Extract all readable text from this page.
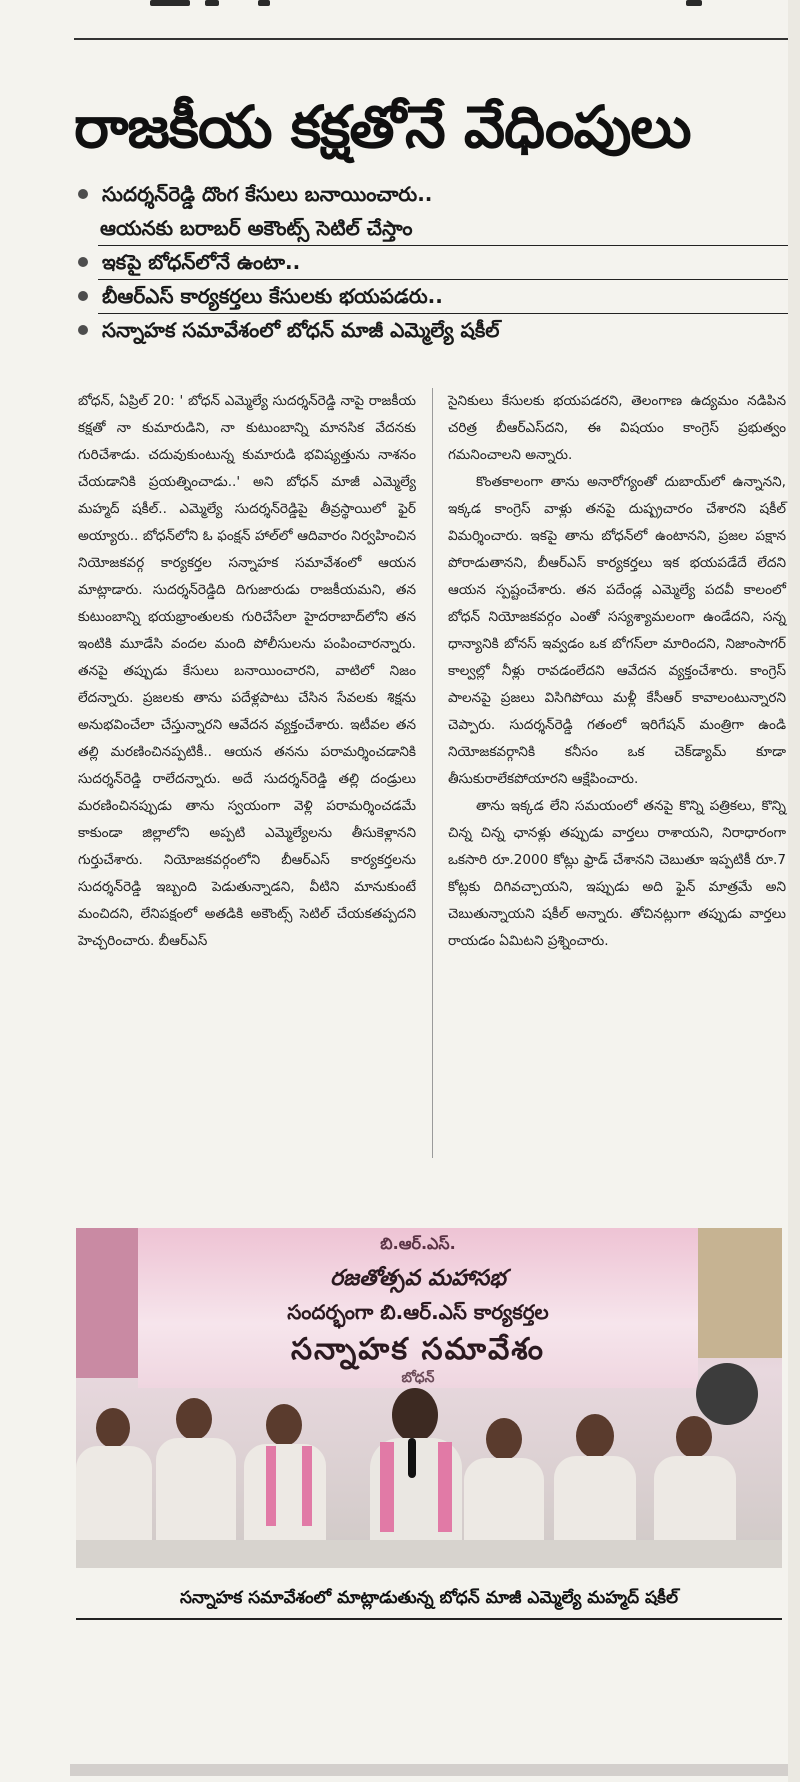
రాజకీయ కక్షతోనే వేధింపులు
సుదర్శన్‌రెడ్డి దొంగ కేసులు బనాయించారు..
ఆయనకు బరాబర్ అకౌంట్స్ సెటిల్ చేస్తాం
ఇకపై బోధన్‌లోనే ఉంటా..
బీఆర్ఎస్ కార్యకర్తలు కేసులకు భయపడరు..
సన్నాహక సమావేశంలో బోధన్ మాజీ ఎమ్మెల్యే షకీల్

బోధన్, ఏప్రిల్ 20: ' బోధన్ ఎమ్మెల్యే సుదర్శన్‌రెడ్డి నాపై రాజకీయ కక్షతో నా కుమారుడిని, నా కుటుంబాన్ని మానసిక వేదనకు గురిచేశాడు. చదువుకుంటున్న కుమారుడి భవిష్యత్తును నాశనం చేయడానికి ప్రయత్నించాడు..' అని బోధన్ మాజీ ఎమ్మెల్యే మహ్మద్ షకీల్.. ఎమ్మెల్యే సుదర్శన్‌రెడ్డిపై తీవ్రస్థాయిలో ఫైర్ అయ్యారు.. బోధన్‌లోని ఓ ఫంక్షన్ హాల్‌లో ఆదివారం నిర్వహించిన నియోజకవర్గ కార్యకర్తల సన్నాహక సమావేశంలో ఆయన మాట్లాడారు. సుదర్శన్‌రెడ్డిది దిగుజారుడు రాజకీయమని, తన కుటుంబాన్ని భయభ్రాంతులకు గురిచేసేలా హైదరాబాద్‌లోని తన ఇంటికి మూడేసి వందల మంది పోలీసులను పంపించారన్నారు. తనపై తప్పుడు కేసులు బనాయించారని, వాటిలో నిజం లేదన్నారు. ప్రజలకు తాను పదేళ్లపాటు చేసిన సేవలకు శిక్షను అనుభవించేలా చేస్తున్నారని ఆవేదన వ్యక్తంచేశారు. ఇటీవల తన తల్లి మరణించినప్పటికీ.. ఆయన తనను పరామర్శించడానికి సుదర్శన్‌రెడ్డి రాలేదన్నారు. అదే సుదర్శన్‌రెడ్డి తల్లి దండ్రులు మరణించినప్పుడు తాను స్వయంగా వెళ్లి పరామర్శించడమే కాకుండా జిల్లాలోని అప్పటి ఎమ్మెల్యేలను తీసుకెళ్లానని గుర్తుచేశారు. నియోజకవర్గంలోని బీఆర్ఎస్ కార్యకర్తలను సుదర్శన్‌రెడ్డి ఇబ్బంది పెడుతున్నాడని, వీటిని మానుకుంటే మంచిదని, లేనిపక్షంలో అతడికి అకౌంట్స్ సెటిల్ చేయకతప్పదని హెచ్చరించారు. బీఆర్ఎస్

సైనికులు కేసులకు భయపడరని, తెలంగాణ ఉద్యమం నడిపిన చరిత్ర బీఆర్ఎస్‌దని, ఈ విషయం కాంగ్రెస్ ప్రభుత్వం గమనించాలని అన్నారు.

కొంతకాలంగా తాను అనారోగ్యంతో దుబాయ్‌లో ఉన్నానని, ఇక్కడ కాంగ్రెస్ వాళ్లు తనపై దుష్ప్రచారం చేశారని షకీల్ విమర్శించారు. ఇకపై తాను బోధన్‌లో ఉంటానని, ప్రజల పక్షాన పోరాడుతానని, బీఆర్ఎస్ కార్యకర్తలు ఇక భయపడేదే లేదని ఆయన స్పష్టంచేశారు. తన పదేండ్ల ఎమ్మెల్యే పదవీ కాలంలో బోధన్ నియోజకవర్గం ఎంతో సస్యశ్యామలంగా ఉండేదని, సన్న ధాన్యానికి బోనస్ ఇవ్వడం ఒక బోగస్‌లా మారిందని, నిజాంసాగర్ కాల్వల్లో నీళ్లు రావడంలేదని ఆవేదన వ్యక్తంచేశారు. కాంగ్రెస్ పాలనపై ప్రజలు విసిగిపోయి మళ్లీ కేసీఆర్ కావాలంటున్నారని చెప్పారు. సుదర్శన్‌రెడ్డి గతంలో ఇరిగేషన్ మంత్రిగా ఉండి నియోజకవర్గానికి కనీసం ఒక చెక్‌డ్యామ్ కూడా తీసుకురాలేకపోయారని ఆక్షేపించారు.

తాను ఇక్కడ లేని సమయంలో తనపై కొన్ని పత్రికలు, కొన్ని చిన్న చిన్న ఛానళ్లు తప్పుడు వార్తలు రాశాయని, నిరాధారంగా ఒకసారి రూ.2000 కోట్లు ఫ్రాడ్ చేశానని చెబుతూ ఇప్పటికీ రూ.7 కోట్లకు దిగివచ్చాయని, ఇప్పుడు అది ఫైన్ మాత్రమే అని చెబుతున్నాయని షకీల్ అన్నారు. తోచినట్లుగా తప్పుడు వార్తలు రాయడం ఏమిటని ప్రశ్నించారు.

బి.ఆర్.ఎస్.
రజతోత్సవ మహాసభ
సందర్భంగా బి.ఆర్.ఎస్ కార్యకర్తల
సన్నాహక సమావేశం
బోధన్
సన్నాహక సమావేశంలో మాట్లాడుతున్న బోధన్ మాజీ ఎమ్మెల్యే మహ్మద్ షకీల్
